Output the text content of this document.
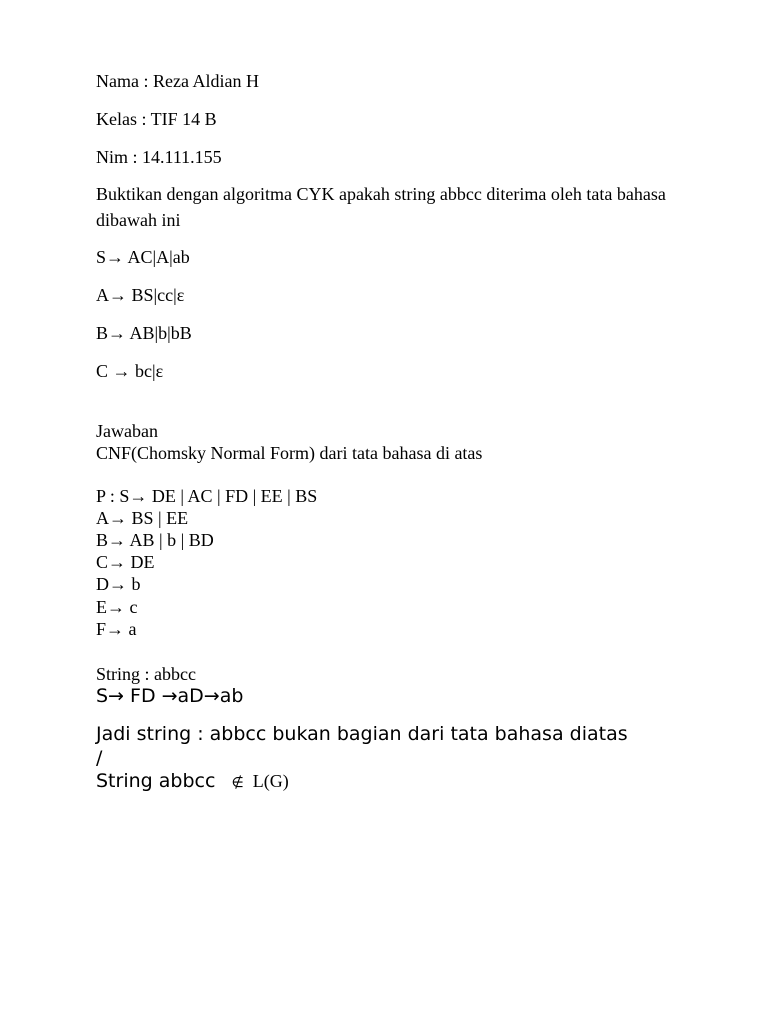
Nama : Reza Aldian H
Kelas : TIF 14 B
Nim : 14.111.155
Buktikan dengan algoritma CYK apakah string abbcc diterima oleh tata bahasa dibawah ini
S→ AC|A|ab
A→ BS|cc|ε
B→ AB|b|bB
C → bc|ε
Jawaban
CNF(Chomsky Normal Form) dari tata bahasa di atas
P : S→ DE | AC | FD | EE | BS
A→ BS | EE
B→ AB | b | BD
C→ DE
D→ b
E→ c
F→ a
String : abbcc
S→ FD →aD→ab
Jadi string : abbcc bukan bagian dari tata bahasa diatas
/
String abbcc ∉ L(G)
